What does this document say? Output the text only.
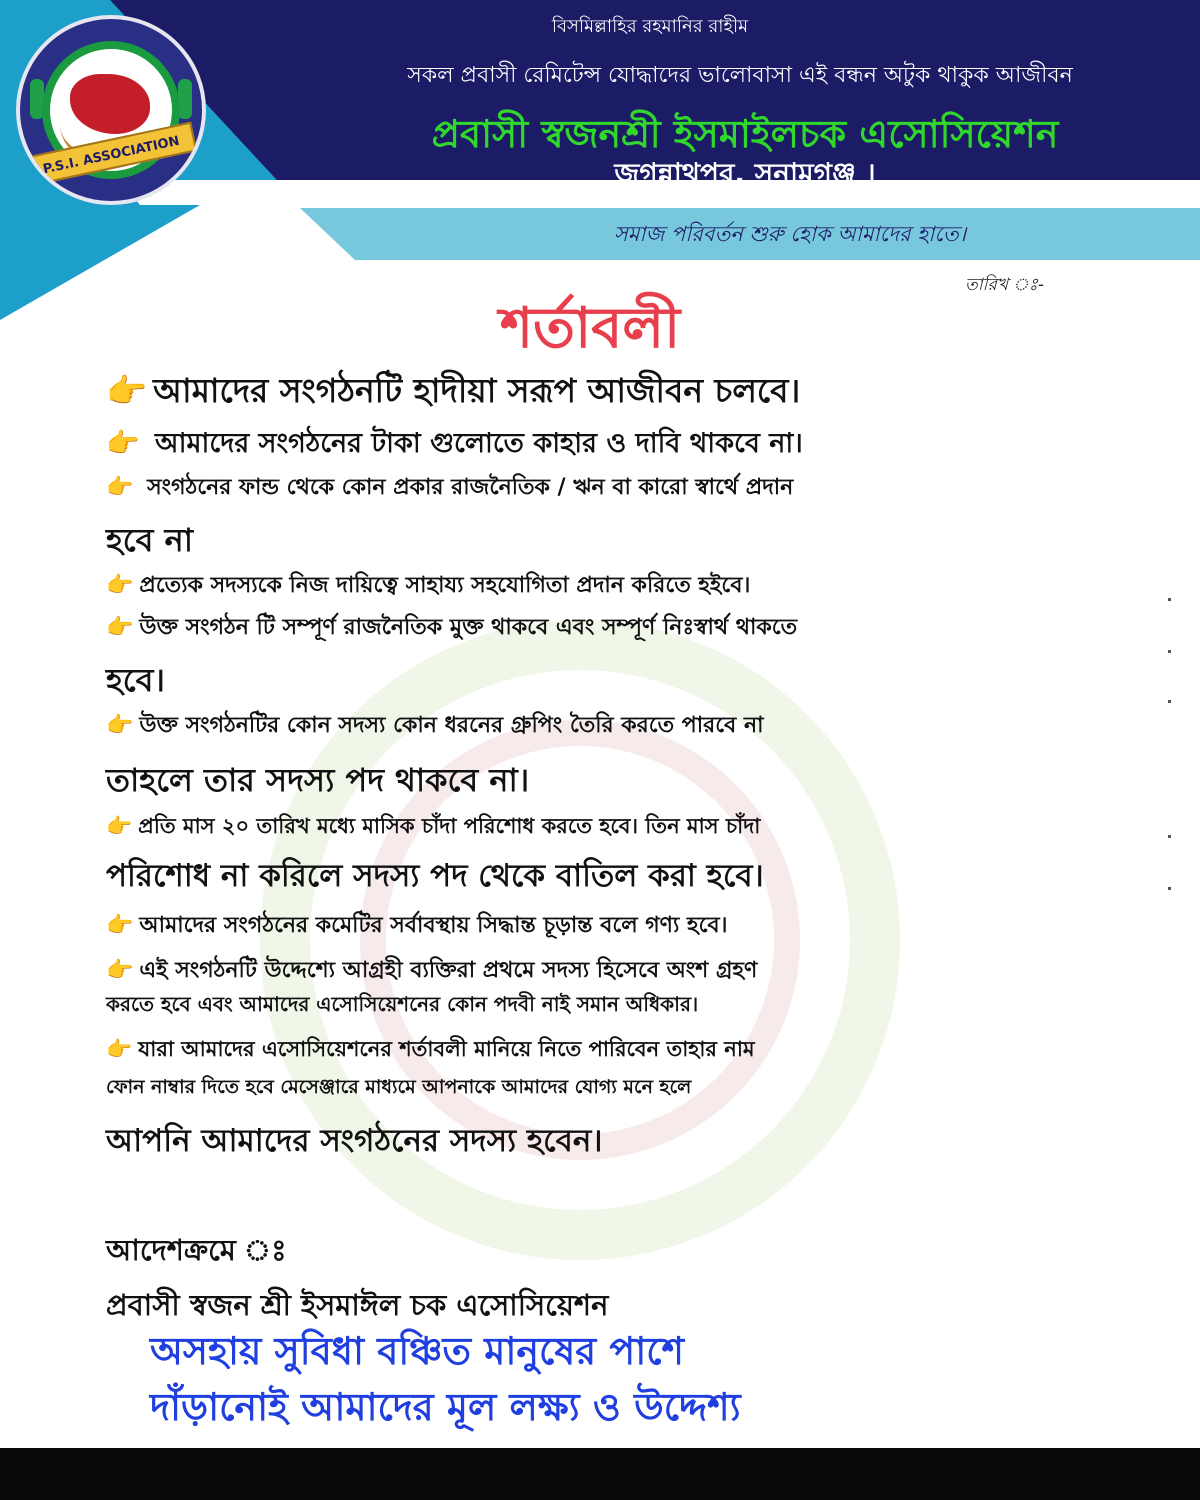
P.S.I. ASSOCIATION
বিসমিল্লাহির রহমানির রাহীম
সকল প্রবাসী রেমিটেন্স যোদ্ধাদের ভালোবাসা এই বন্ধন অটুক থাকুক আজীবন
প্রবাসী স্বজনশ্রী ইসমাইলচক এসোসিয়েশন
জগন্নাথপুর, সুনামগঞ্জ ।
সমাজ পরিবর্তন শুরু হোক আমাদের হাতে।
তারিখ ঃ-
শর্তাবলী
👉 আমাদের সংগঠনটি হাদীয়া সরূপ আজীবন চলবে।
👉 আমাদের সংগঠনের টাকা গুলোতে কাহার ও দাবি থাকবে না।
👉 সংগঠনের ফান্ড থেকে কোন প্রকার রাজনৈতিক / ঋন বা কারো স্বার্থে প্রদান
হবে না
👉 প্রত্যেক সদস্যকে নিজ দায়িত্বে সাহায্য সহযোগিতা প্রদান করিতে হইবে।
👉 উক্ত সংগঠন টি সম্পূর্ণ রাজনৈতিক মুক্ত থাকবে এবং সম্পূর্ণ নিঃস্বার্থ থাকতে
হবে।
👉 উক্ত সংগঠনটির কোন সদস্য কোন ধরনের গ্রুপিং তৈরি করতে পারবে না
তাহলে তার সদস্য পদ থাকবে না।
👉 প্রতি মাস ২০ তারিখ মধ্যে মাসিক চাঁদা পরিশোধ করতে হবে। তিন মাস চাঁদা
পরিশোধ না করিলে সদস্য পদ থেকে বাতিল করা হবে।
👉 আমাদের সংগঠনের কমেটির সর্বাবস্থায় সিদ্ধান্ত চূড়ান্ত বলে গণ্য হবে।
👉 এই সংগঠনটি উদ্দেশ্যে আগ্রহী ব্যক্তিরা প্রথমে সদস্য হিসেবে অংশ গ্রহণ
করতে হবে এবং আমাদের এসোসিয়েশনের কোন পদবী নাই সমান অধিকার।
👉 যারা আমাদের এসোসিয়েশনের শর্তাবলী মানিয়ে নিতে পারিবেন তাহার নাম
ফোন নাম্বার দিতে হবে মেসেঞ্জারে মাধ্যমে আপনাকে আমাদের যোগ্য মনে হলে
আপনি আমাদের সংগঠনের সদস্য হবেন।
আদেশক্রমে ঃ
প্রবাসী স্বজন শ্রী ইসমাঈল চক এসোসিয়েশন
অসহায় সুবিধা বঞ্চিত মানুষের পাশে
দাঁড়ানোই আমাদের মূল লক্ষ্য ও উদ্দেশ্য
